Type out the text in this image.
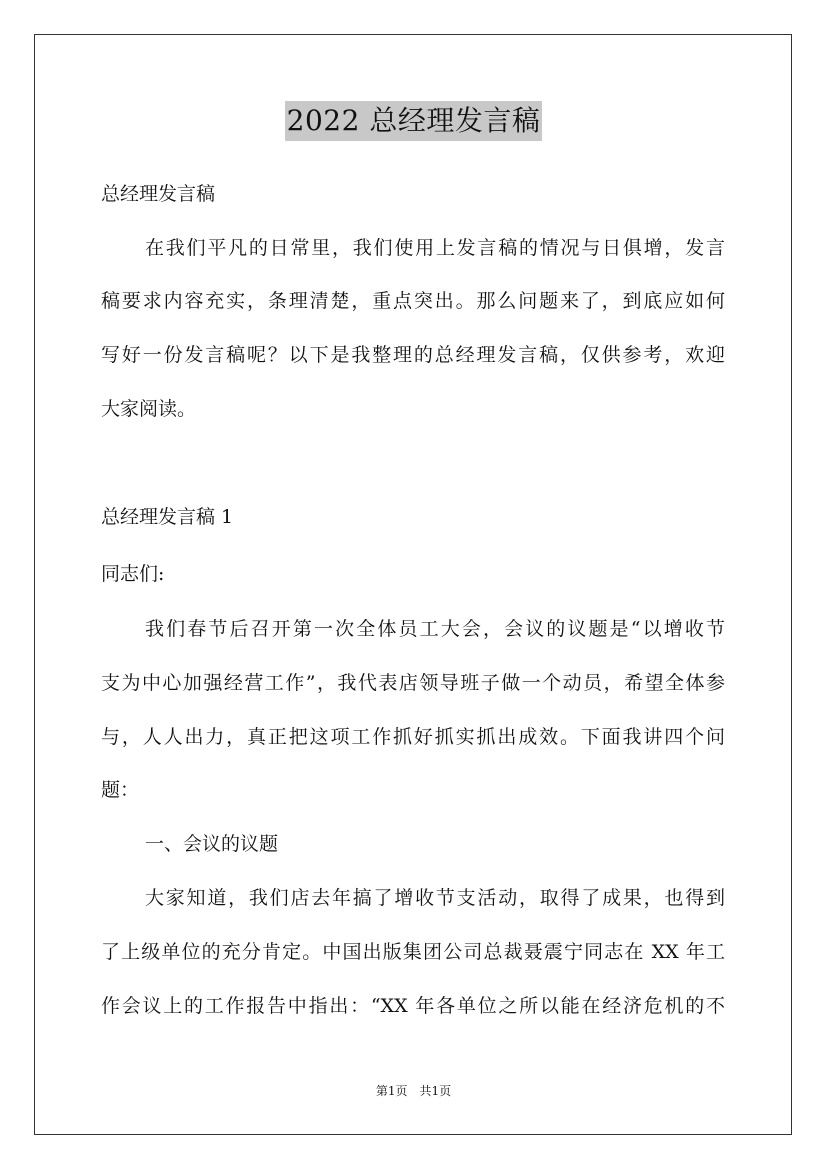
2022 总经理发言稿
总经理发言稿
在我们平凡的日常里，我们使用上发言稿的情况与日俱增，发言
稿要求内容充实，条理清楚，重点突出。那么问题来了，到底应如何
写好一份发言稿呢？以下是我整理的总经理发言稿，仅供参考，欢迎
大家阅读。
总经理发言稿 1
同志们:
我们春节后召开第一次全体员工大会，会议的议题是“以增收节
支为中心加强经营工作”，我代表店领导班子做一个动员，希望全体参
与，人人出力，真正把这项工作抓好抓实抓出成效。下面我讲四个问
题：
一、会议的议题
大家知道，我们店去年搞了增收节支活动，取得了成果，也得到
了上级单位的充分肯定。中国出版集团公司总裁聂震宁同志在 XX 年工
作会议上的工作报告中指出：“XX 年各单位之所以能在经济危机的不
第1页　共1页
